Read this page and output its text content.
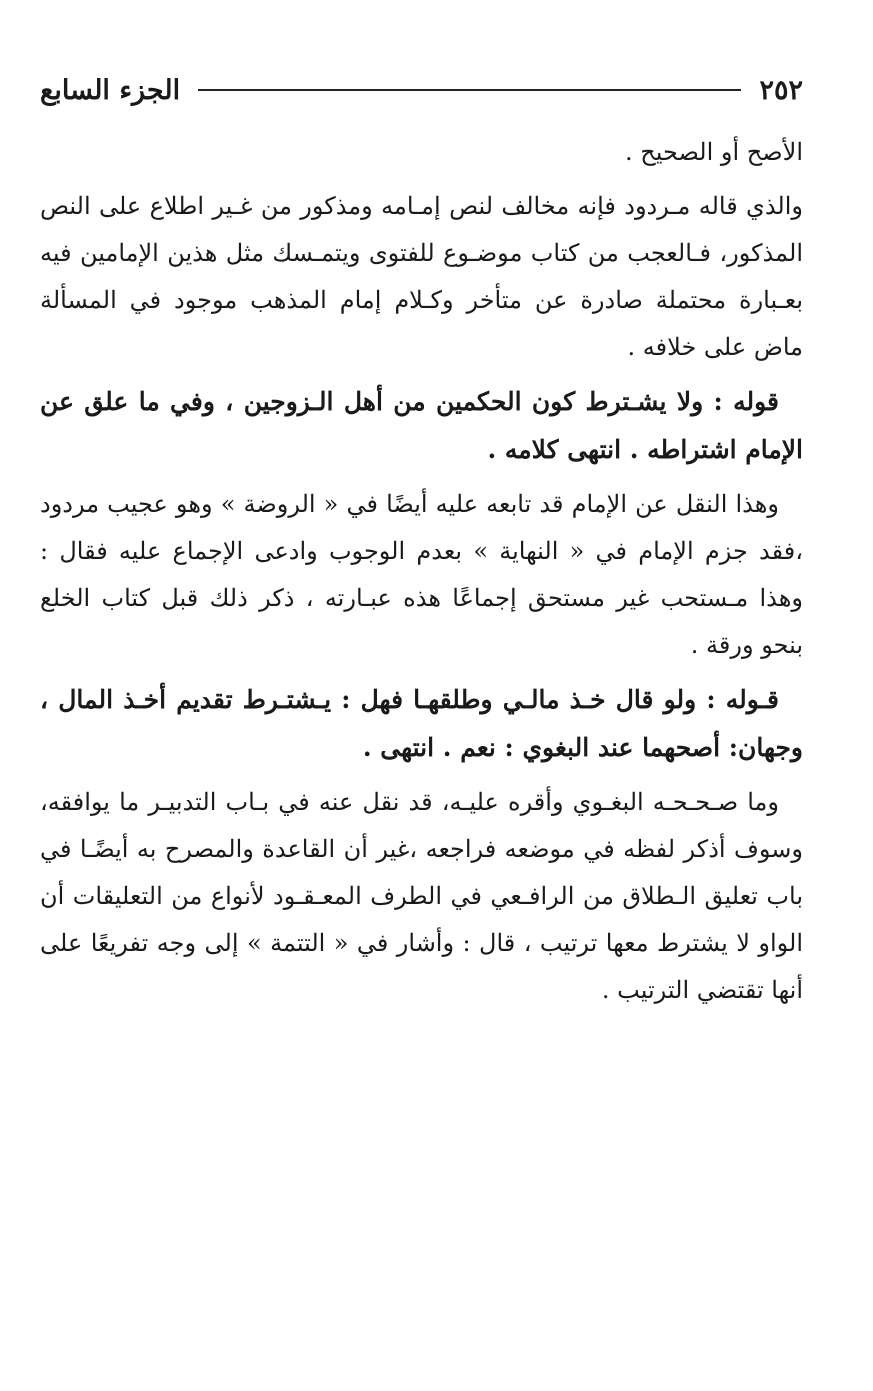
٢٥٢
الجزء السابع

الأصح أو الصحيح .

والذي قاله مـردود فإنه مخالف لنص إمـامه ومذكور من غـير اطلاع على النص المذكور، فـالعجب من كتاب موضـوع للفتوى ويتمـسك مثل هذين الإمامين فيه بعـبارة محتملة صادرة عن متأخر وكـلام إمام المذهب موجود في المسألة ماض على خلافه .

قوله : ولا يشـترط كون الحكمين من أهل الـزوجين ، وفي ما علق عن الإمام اشتراطه . انتهى كلامه .

وهذا النقل عن الإمام قد تابعه عليه أيضًا في « الروضة » وهو عجيب مردود ،فقد جزم الإمام في « النهاية » بعدم الوجوب وادعى الإجماع عليه فقال : وهذا مـستحب غير مستحق إجماعًا هذه عبـارته ، ذكر ذلك قبل كتاب الخلع بنحو ورقة .

قـوله : ولو قال خـذ مالـي وطلقهـا فهل : يـشتـرط تقديم أخـذ المال ، وجهان: أصحهما عند البغوي : نعم . انتهى .

وما صـحـحـه البغـوي وأقره عليـه، قد نقل عنه في بـاب التدبيـر ما يوافقه، وسوف أذكر لفظه في موضعه فراجعه ،غير أن القاعدة والمصرح به أيضًـا في باب تعليق الـطلاق من الرافـعي في الطرف المعـقـود لأنواع من التعليقات أن الواو لا يشترط معها ترتيب ، قال : وأشار في « التتمة » إلى وجه تفريعًا على أنها تقتضي الترتيب .
